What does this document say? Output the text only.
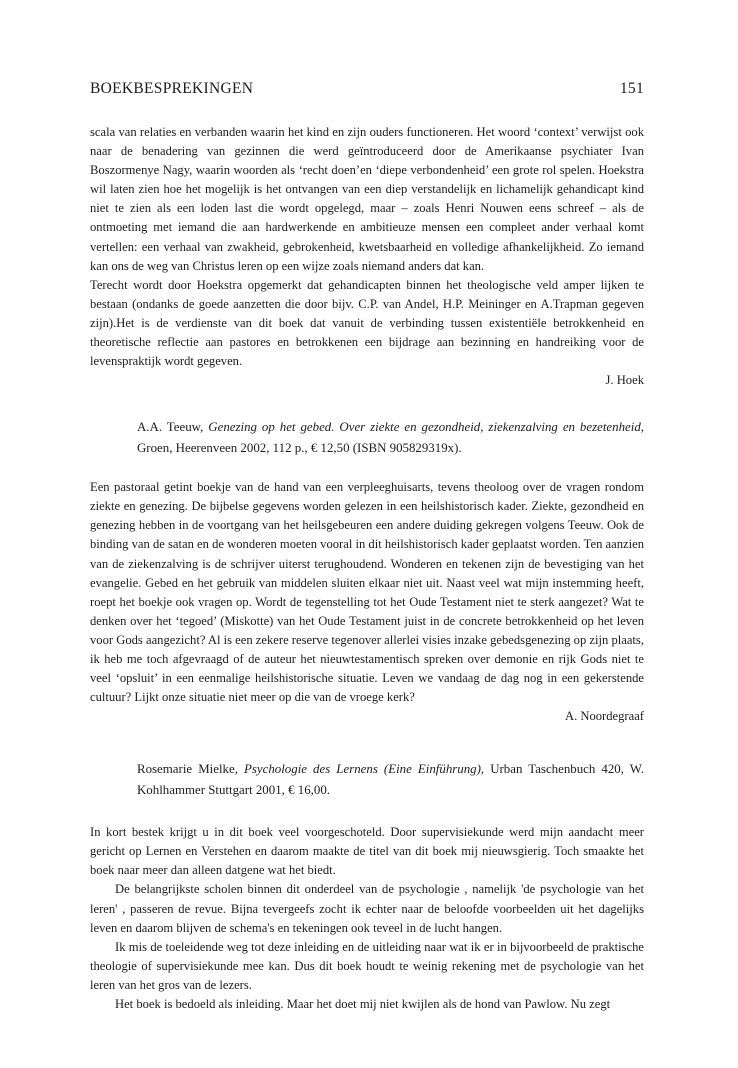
BOEKBESPREKINGEN	151

scala van relaties en verbanden waarin het kind en zijn ouders functioneren. Het woord ‘context’ verwijst ook naar de benadering van gezinnen die werd geïntroduceerd door de Amerikaanse psychiater Ivan Boszormenye Nagy, waarin woorden als ‘recht doen’en ‘diepe verbondenheid’ een grote rol spelen. Hoekstra wil laten zien hoe het mogelijk is het ontvangen van een diep verstandelijk en lichamelijk gehandicapt kind niet te zien als een loden last die wordt opgelegd, maar – zoals Henri Nouwen eens schreef – als de ontmoeting met iemand die aan hardwerkende en ambitieuze mensen een compleet ander verhaal komt vertellen: een verhaal van zwakheid, gebrokenheid, kwetsbaarheid en volledige afhankelijkheid. Zo iemand kan ons de weg van Christus leren op een wijze zoals niemand anders dat kan.

Terecht wordt door Hoekstra opgemerkt dat gehandicapten binnen het theologische veld amper lijken te bestaan (ondanks de goede aanzetten die door bijv. C.P. van Andel, H.P. Meininger en A.Trapman gegeven zijn).Het is de verdienste van dit boek dat vanuit de verbinding tussen existentiële betrokkenheid en theoretische reflectie aan pastores en betrokkenen een bijdrage aan bezinning en handreiking voor de levenspraktijk wordt gegeven.

J. Hoek

A.A. Teeuw, Genezing op het gebed. Over ziekte en gezondheid, ziekenzalving en bezetenheid, Groen, Heerenveen 2002, 112 p., € 12,50 (ISBN 905829319x).

Een pastoraal getint boekje van de hand van een verpleeghuisarts, tevens theoloog over de vragen rondom ziekte en genezing. De bijbelse gegevens worden gelezen in een heilshistorisch kader. Ziekte, gezondheid en genezing hebben in de voortgang van het heilsgebeuren een andere duiding gekregen volgens Teeuw. Ook de binding van de satan en de wonderen moeten vooral in dit heilshistorisch kader geplaatst worden. Ten aanzien van de ziekenzalving is de schrijver uiterst terughoudend. Wonderen en tekenen zijn de bevestiging van het evangelie. Gebed en het gebruik van middelen sluiten elkaar niet uit. Naast veel wat mijn instemming heeft, roept het boekje ook vragen op. Wordt de tegenstelling tot het Oude Testament niet te sterk aangezet? Wat te denken over het ‘tegoed’ (Miskotte) van het Oude Testament juist in de concrete betrokkenheid op het leven voor Gods aangezicht? Al is een zekere reserve tegenover allerlei visies inzake gebedsgenezing op zijn plaats, ik heb me toch afgevraagd of de auteur het nieuwtestamentisch spreken over demonie en rijk Gods niet te veel ‘opsluit’ in een eenmalige heilshistorische situatie. Leven we vandaag de dag nog in een gekerstende cultuur? Lijkt onze situatie niet meer op die van de vroege kerk?

A. Noordegraaf

Rosemarie Mielke, Psychologie des Lernens (Eine Einführung), Urban Taschenbuch 420, W. Kohlhammer Stuttgart 2001, € 16,00.

In kort bestek krijgt u in dit boek veel voorgeschoteld. Door supervisiekunde werd mijn aandacht meer gericht op Lernen en Verstehen en daarom maakte de titel van dit boek mij nieuwsgierig. Toch smaakte het boek naar meer dan alleen datgene wat het biedt.

De belangrijkste scholen binnen dit onderdeel van de psychologie , namelijk 'de psychologie van het leren' , passeren de revue. Bijna tevergeefs zocht ik echter naar de beloofde voorbeelden uit het dagelijks leven en daarom blijven de schema's en tekeningen ook teveel in de lucht hangen.

Ik mis de toeleidende weg tot deze inleiding en de uitleiding naar wat ik er in bijvoorbeeld de praktische theologie of supervisiekunde mee kan. Dus dit boek houdt te weinig rekening met de psychologie van het leren van het gros van de lezers.

Het boek is bedoeld als inleiding. Maar het doet mij niet kwijlen als de hond van Pawlow. Nu zegt
